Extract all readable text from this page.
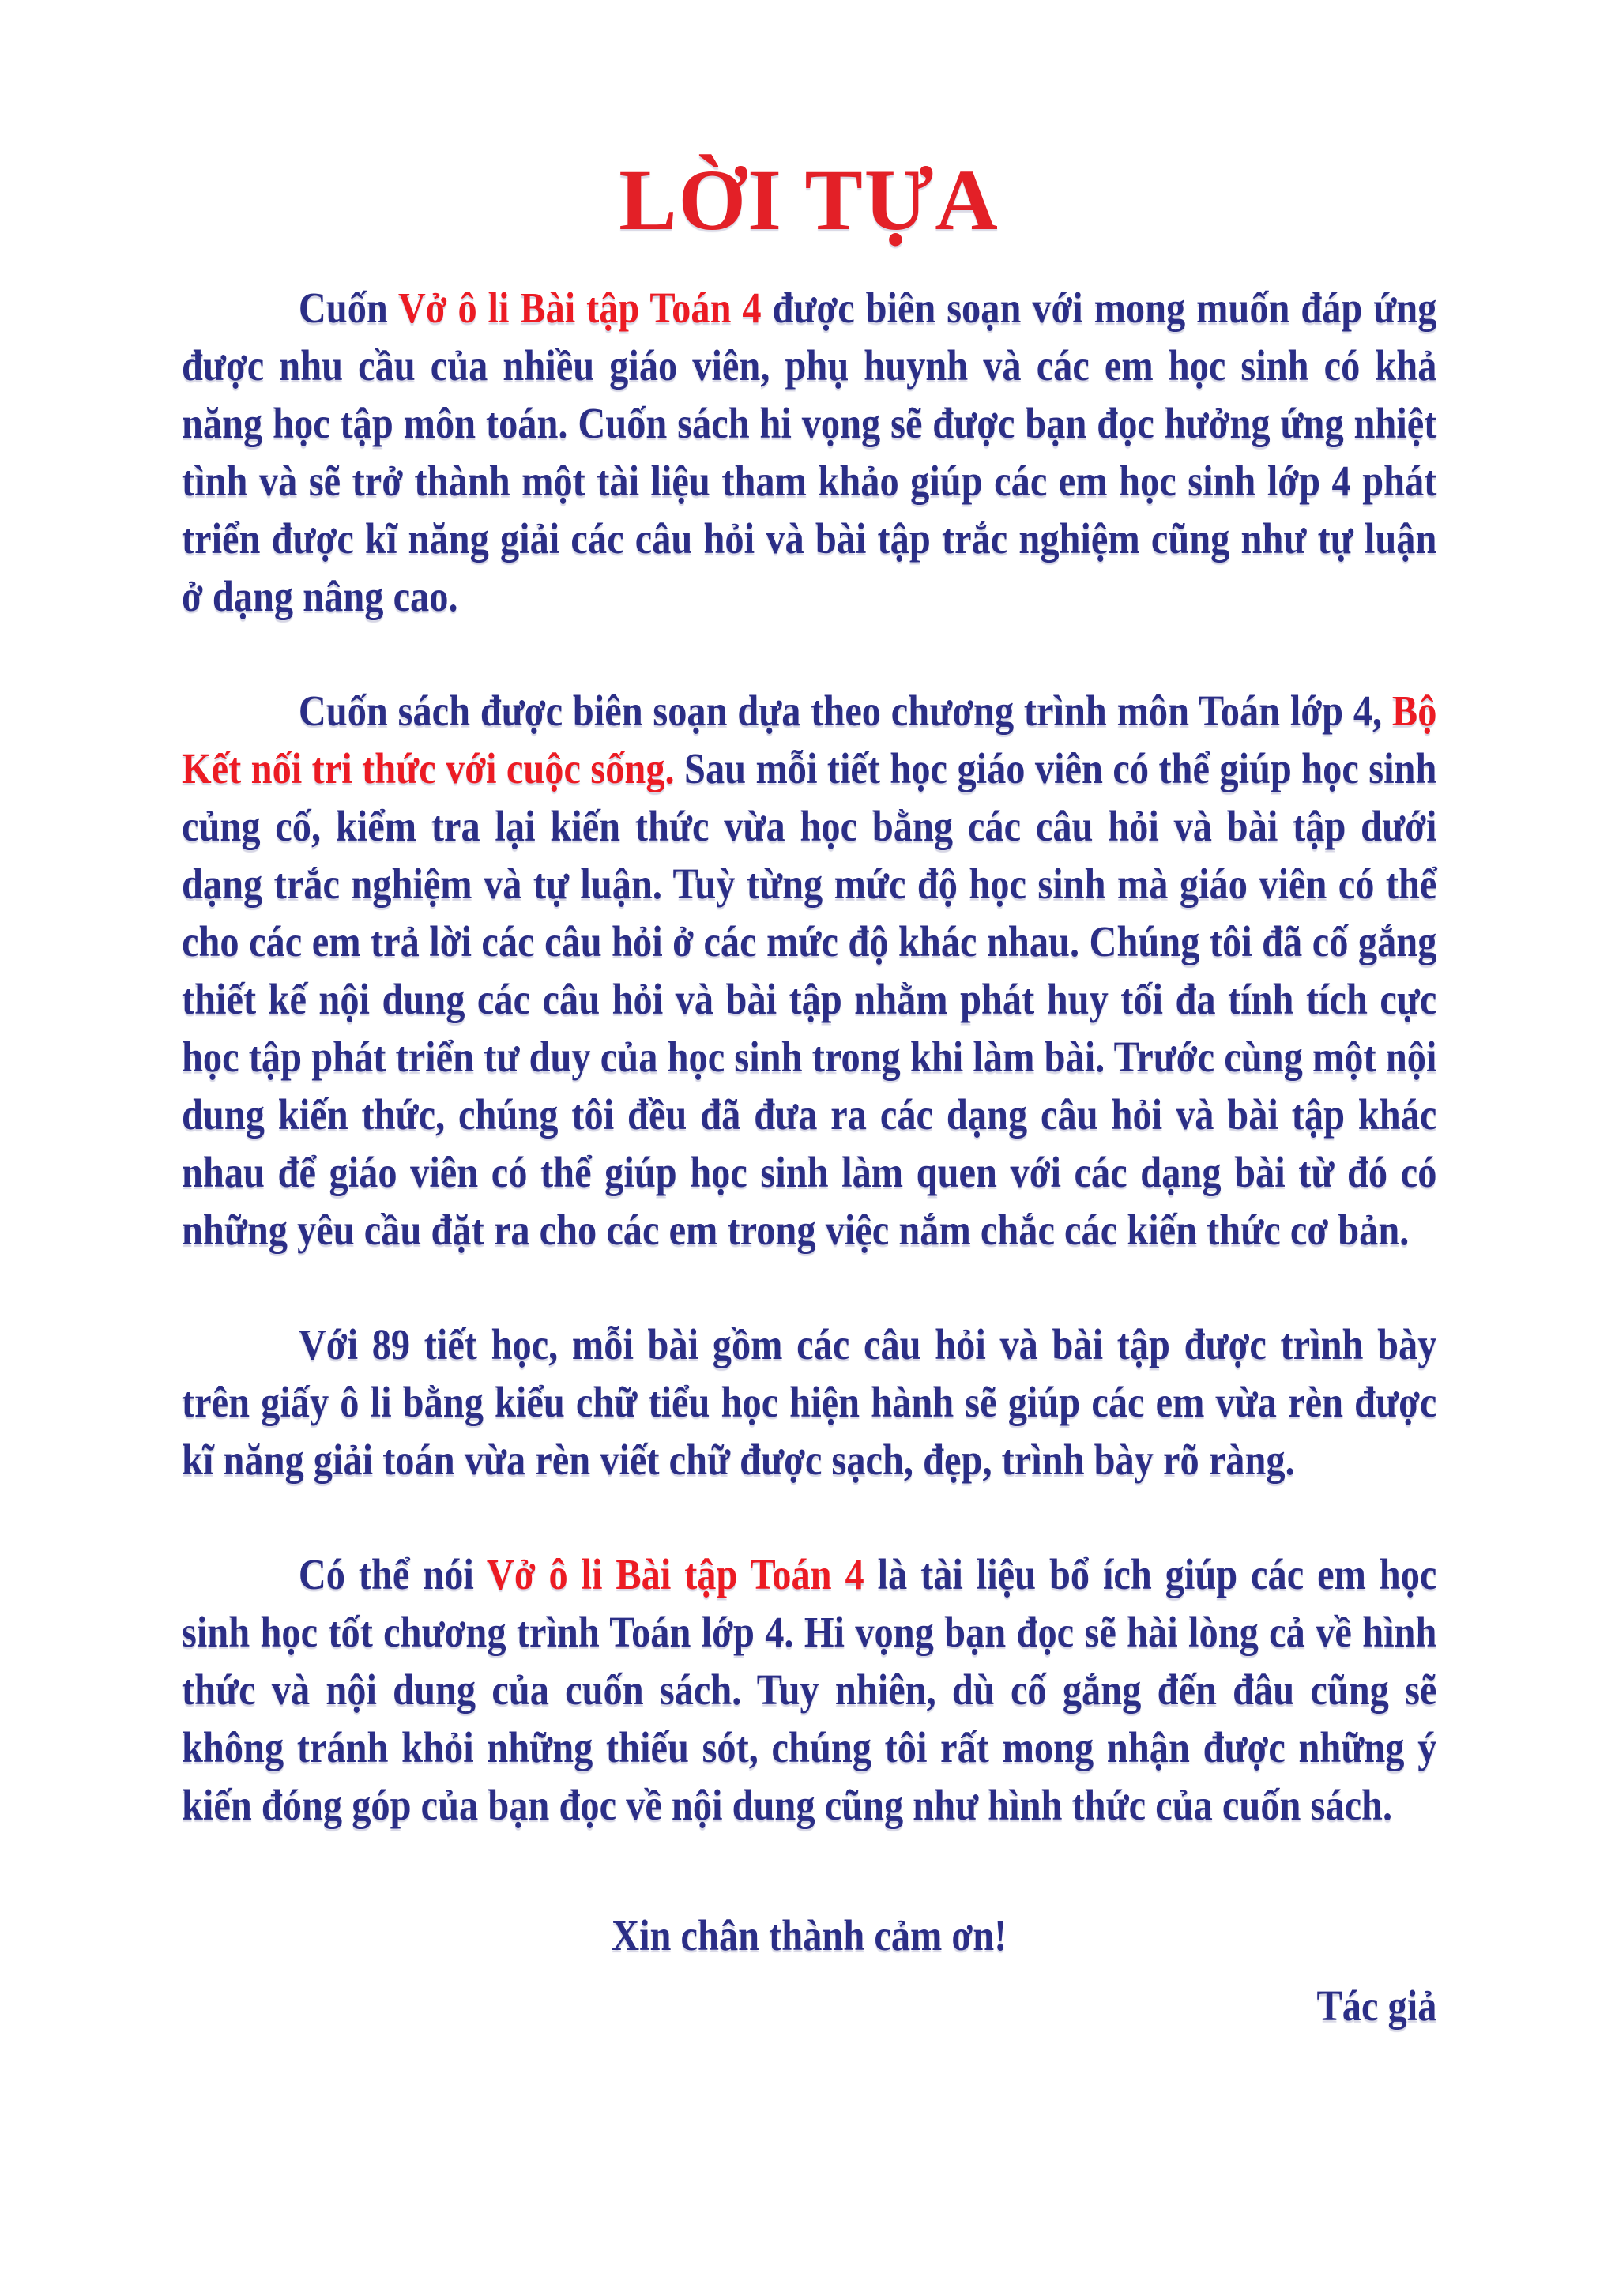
LỜI TỰA

Cuốn Vở ô li Bài tập Toán 4 được biên soạn với mong muốn đáp ứng được nhu cầu của nhiều giáo viên, phụ huynh và các em học sinh có khả năng học tập môn toán. Cuốn sách hi vọng sẽ được bạn đọc hưởng ứng nhiệt tình và sẽ trở thành một tài liệu tham khảo giúp các em học sinh lớp 4 phát triển được kĩ năng giải các câu hỏi và bài tập trắc nghiệm cũng như tự luận ở dạng nâng cao.

Cuốn sách được biên soạn dựa theo chương trình môn Toán lớp 4, Bộ Kết nối tri thức với cuộc sống. Sau mỗi tiết học giáo viên có thể giúp học sinh củng cố, kiểm tra lại kiến thức vừa học bằng các câu hỏi và bài tập dưới dạng trắc nghiệm và tự luận. Tuỳ từng mức độ học sinh mà giáo viên có thể cho các em trả lời các câu hỏi ở các mức độ khác nhau. Chúng tôi đã cố gắng thiết kế nội dung các câu hỏi và bài tập nhằm phát huy tối đa tính tích cực học tập phát triển tư duy của học sinh trong khi làm bài. Trước cùng một nội dung kiến thức, chúng tôi đều đã đưa ra các dạng câu hỏi và bài tập khác nhau để giáo viên có thể giúp học sinh làm quen với các dạng bài từ đó có những yêu cầu đặt ra cho các em trong việc nắm chắc các kiến thức cơ bản.

Với 89 tiết học, mỗi bài gồm các câu hỏi và bài tập được trình bày trên giấy ô li bằng kiểu chữ tiểu học hiện hành sẽ giúp các em vừa rèn được kĩ năng giải toán vừa rèn viết chữ được sạch, đẹp, trình bày rõ ràng.

Có thể nói Vở ô li Bài tập Toán 4 là tài liệu bổ ích giúp các em học sinh học tốt chương trình Toán lớp 4. Hi vọng bạn đọc sẽ hài lòng cả về hình thức và nội dung của cuốn sách. Tuy nhiên, dù cố gắng đến đâu cũng sẽ không tránh khỏi những thiếu sót, chúng tôi rất mong nhận được những ý kiến đóng góp của bạn đọc về nội dung cũng như hình thức của cuốn sách.

Xin chân thành cảm ơn!

Tác giả
